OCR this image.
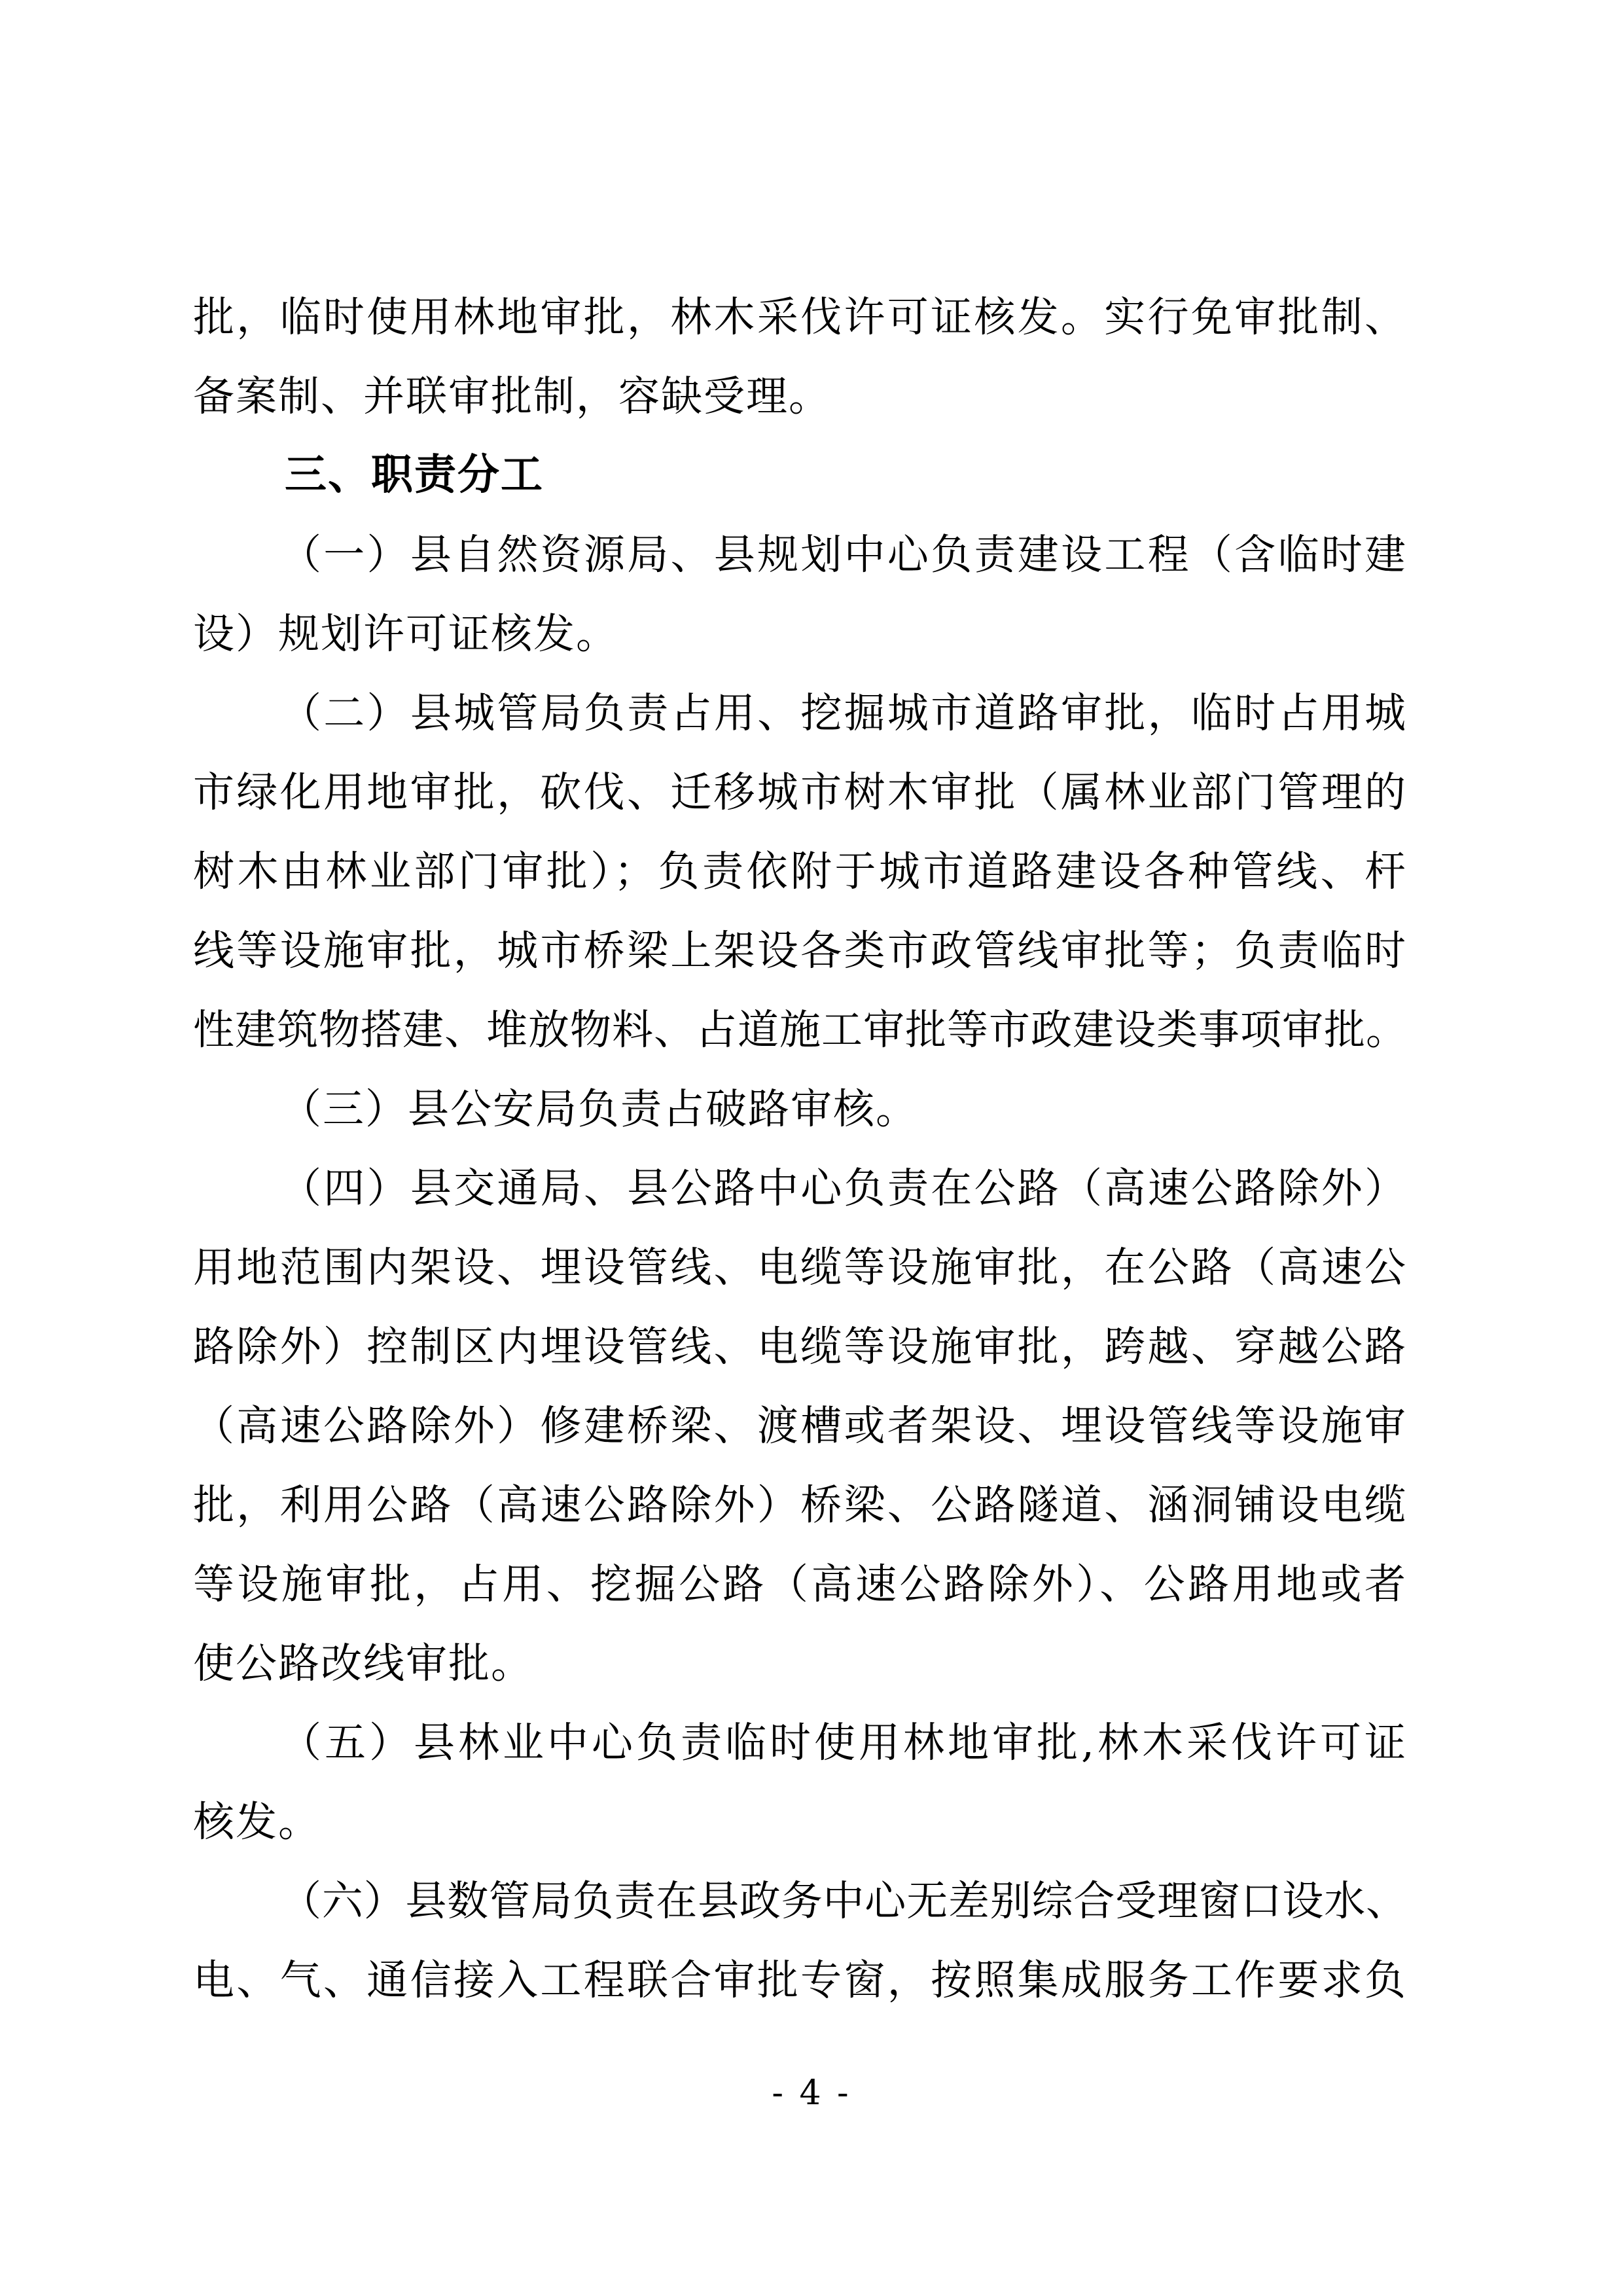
批，临时使用林地审批，林木采伐许可证核发。实行免审批制、
备案制、并联审批制，容缺受理。
三、职责分工
（一）县自然资源局、县规划中心负责建设工程（含临时建
设）规划许可证核发。
（二）县城管局负责占用、挖掘城市道路审批，临时占用城
市绿化用地审批，砍伐、迁移城市树木审批（属林业部门管理的
树木由林业部门审批）；负责依附于城市道路建设各种管线、杆
线等设施审批，城市桥梁上架设各类市政管线审批等；负责临时
性建筑物搭建、堆放物料、占道施工审批等市政建设类事项审批。
（三）县公安局负责占破路审核。
（四）县交通局、县公路中心负责在公路（高速公路除外）
用地范围内架设、埋设管线、电缆等设施审批，在公路（高速公
路除外）控制区内埋设管线、电缆等设施审批，跨越、穿越公路
（高速公路除外）修建桥梁、渡槽或者架设、埋设管线等设施审
批，利用公路（高速公路除外）桥梁、公路隧道、涵洞铺设电缆
等设施审批，占用、挖掘公路（高速公路除外）、公路用地或者
使公路改线审批。
（五）县林业中心负责临时使用林地审批,林木采伐许可证
核发。
（六）县数管局负责在县政务中心无差别综合受理窗口设水、
电、气、通信接入工程联合审批专窗，按照集成服务工作要求负
- 4 -
